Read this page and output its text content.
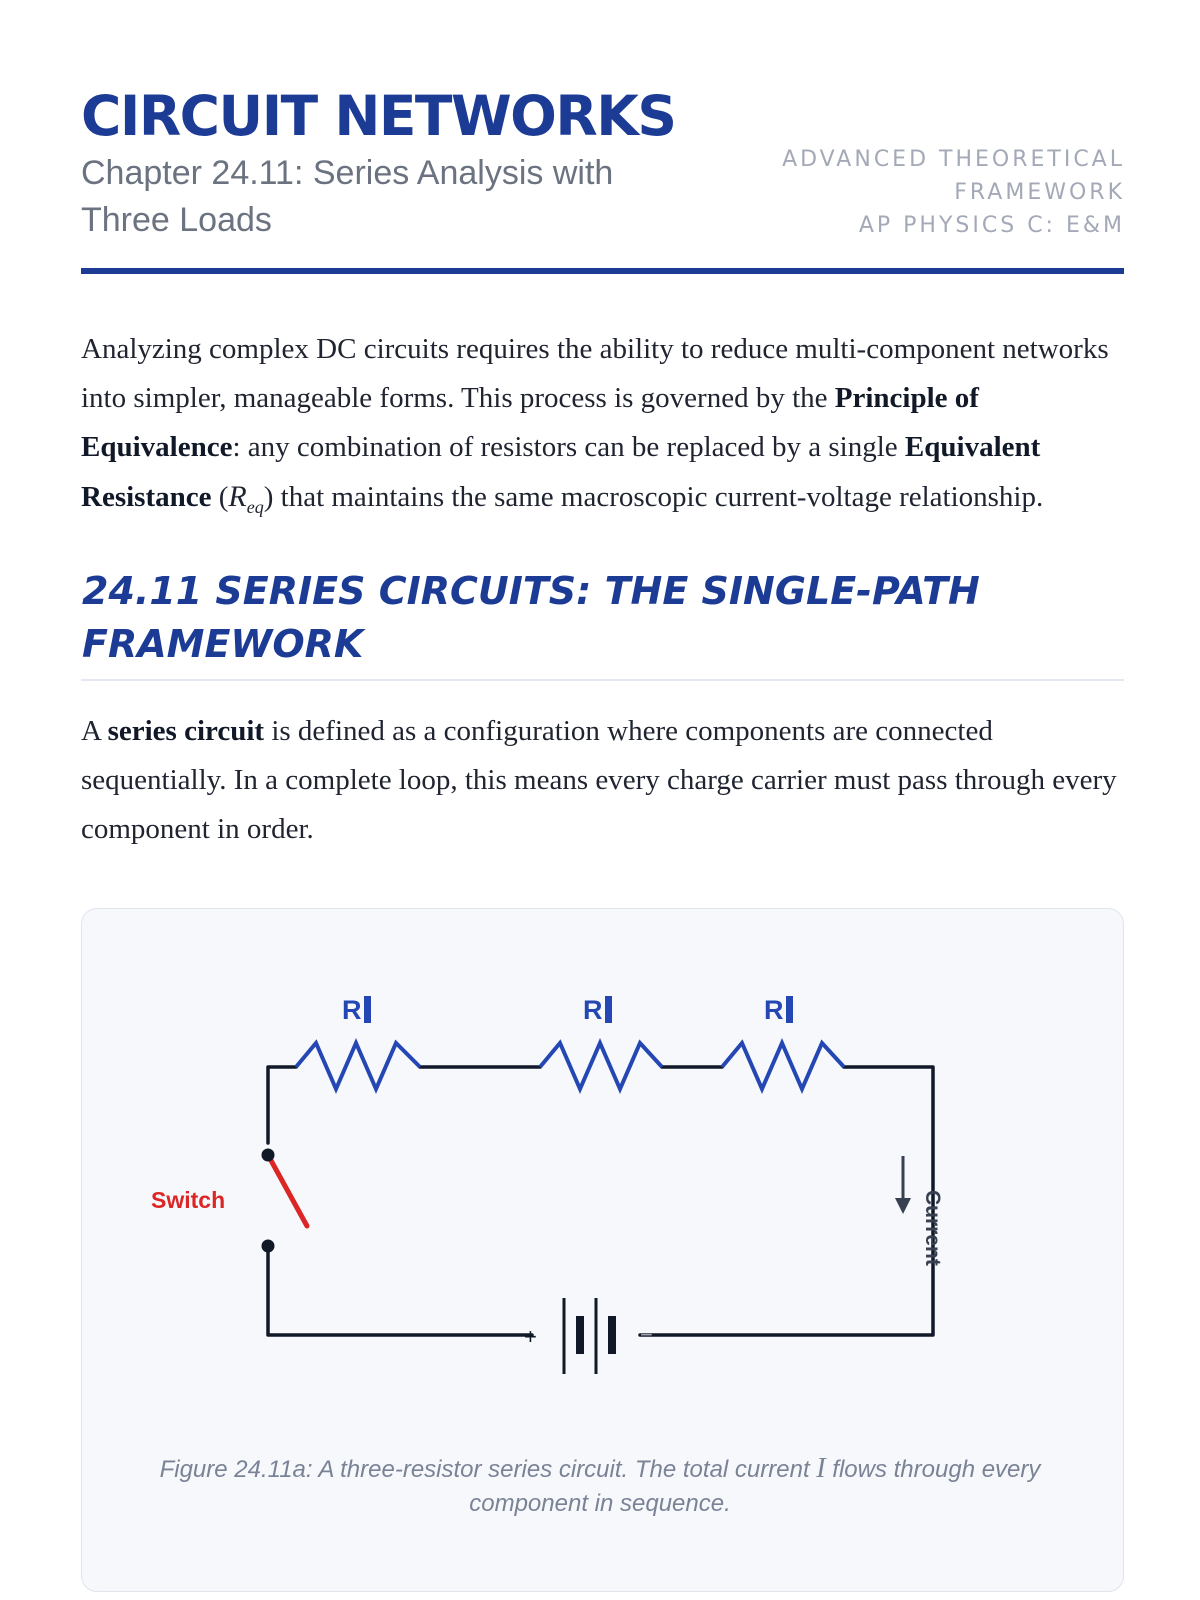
CIRCUIT NETWORKS
Chapter 24.11: Series Analysis with Three Loads
ADVANCED THEORETICAL
FRAMEWORK
AP PHYSICS C: E&M

Analyzing complex DC circuits requires the ability to reduce multi-component networks into simpler, manageable forms. This process is governed by the Principle of Equivalence: any combination of resistors can be replaced by a single Equivalent Resistance $(R_{eq})$ that maintains the same macroscopic current-voltage relationship.

24.11 SERIES CIRCUITS: THE SINGLE-PATH FRAMEWORK

A series circuit is defined as a configuration where components are connected sequentially. In a complete loop, this means every charge carrier must pass through every component in order.

R	R	R
Switch	Current
+	−
Figure 24.11a: A three-resistor series circuit. The total current I flows through every component in sequence.
